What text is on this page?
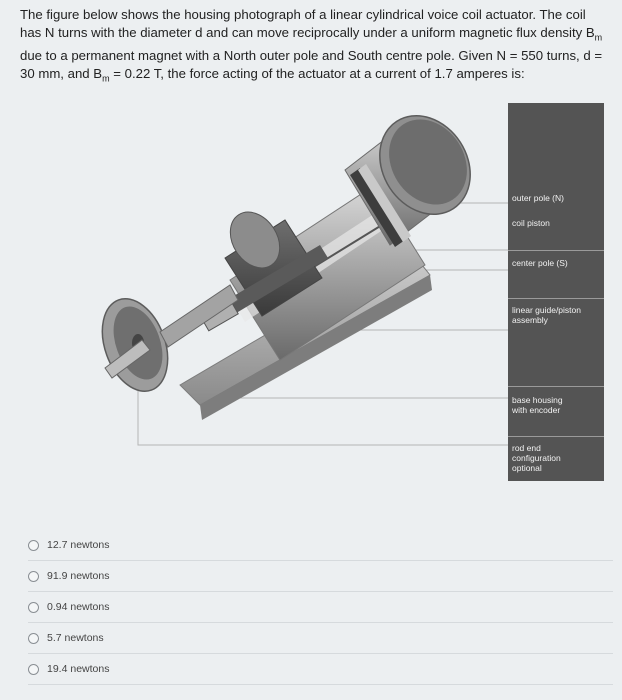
The figure below shows the housing photograph of a linear cylindrical voice coil actuator. The coil has N turns with the diameter d and can move reciprocally under a uniform magnetic flux density $B_m$ due to a permanent magnet with a North outer pole and South centre pole. Given N = 550 turns, d = 30 mm, and $B_m = 0.22$ T, the force acting of the actuator at a current of 1.7 amperes is:
outer pole (N)
coil piston
center pole (S)
linear guide/piston assembly
base housing with encoder
rod end configuration optional
12.7 newtons
91.9 newtons
0.94 newtons
5.7 newtons
19.4 newtons
